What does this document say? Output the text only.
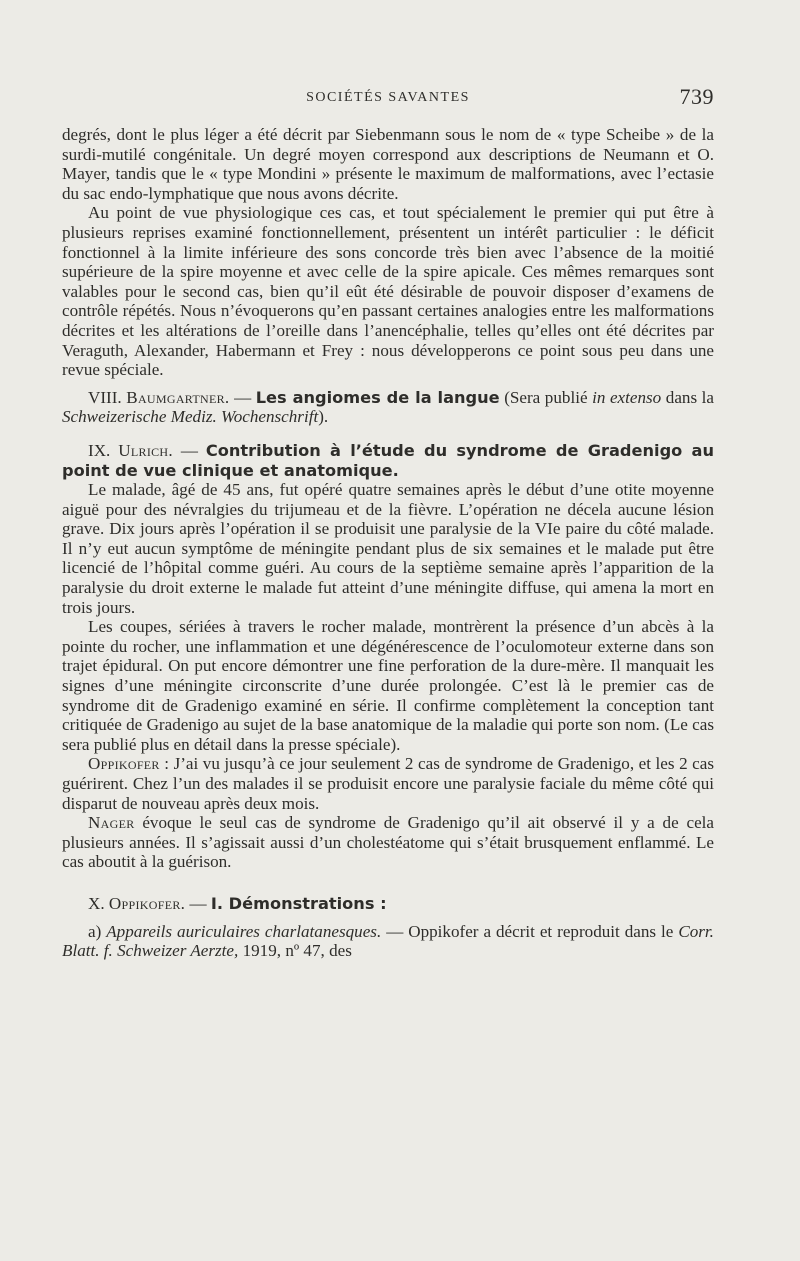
SOCIÉTÉS SAVANTES	739

degrés, dont le plus léger a été décrit par Siebenmann sous le nom de « type Scheibe » de la surdi-mutilé congénitale. Un degré moyen correspond aux descriptions de Neumann et O. Mayer, tandis que le « type Mondini » présente le maximum de malformations, avec l’ectasie du sac endo-lymphatique que nous avons décrite.

Au point de vue physiologique ces cas, et tout spécialement le premier qui put être à plusieurs reprises examiné fonctionnellement, présentent un intérêt particulier : le déficit fonctionnel à la limite inférieure des sons concorde très bien avec l’absence de la moitié supérieure de la spire moyenne et avec celle de la spire apicale. Ces mêmes remarques sont valables pour le second cas, bien qu’il eût été désirable de pouvoir disposer d’examens de contrôle répétés. Nous n’évoquerons qu’en passant certaines analogies entre les malformations décrites et les altérations de l’oreille dans l’anencéphalie, telles qu’elles ont été décrites par Veraguth, Alexander, Habermann et Frey : nous développerons ce point sous peu dans une revue spéciale.

VIII. Baumgartner. — Les angiomes de la langue (Sera publié in extenso dans la Schweizerische Mediz. Wochenschrift).

IX. Ulrich. — Contribution à l’étude du syndrome de Gradenigo au point de vue clinique et anatomique.

Le malade, âgé de 45 ans, fut opéré quatre semaines après le début d’une otite moyenne aiguë pour des névralgies du trijumeau et de la fièvre. L’opération ne décela aucune lésion grave. Dix jours après l’opération il se produisit une paralysie de la VIe paire du côté malade. Il n’y eut aucun symptôme de méningite pendant plus de six semaines et le malade put être licencié de l’hôpital comme guéri. Au cours de la septième semaine après l’apparition de la paralysie du droit externe le malade fut atteint d’une méningite diffuse, qui amena la mort en trois jours.

Les coupes, sériées à travers le rocher malade, montrèrent la présence d’un abcès à la pointe du rocher, une inflammation et une dégénérescence de l’oculomoteur externe dans son trajet épidural. On put encore démontrer une fine perforation de la dure-mère. Il manquait les signes d’une méningite circonscrite d’une durée prolongée. C’est là le premier cas de syndrome dit de Gradenigo examiné en série. Il confirme complètement la conception tant critiquée de Gradenigo au sujet de la base anatomique de la maladie qui porte son nom. (Le cas sera publié plus en détail dans la presse spéciale).

Oppikofer : J’ai vu jusqu’à ce jour seulement 2 cas de syndrome de Gradenigo, et les 2 cas guérirent. Chez l’un des malades il se produisit encore une paralysie faciale du même côté qui disparut de nouveau après deux mois.

Nager évoque le seul cas de syndrome de Gradenigo qu’il ait observé il y a de cela plusieurs années. Il s’agissait aussi d’un cholestéatome qui s’était brusquement enflammé. Le cas aboutit à la guérison.

X. Oppikofer. — I. Démonstrations :

a) Appareils auriculaires charlatanesques. — Oppikofer a décrit et reproduit dans le Corr. Blatt. f. Schweizer Aerzte, 1919, nº 47, des
